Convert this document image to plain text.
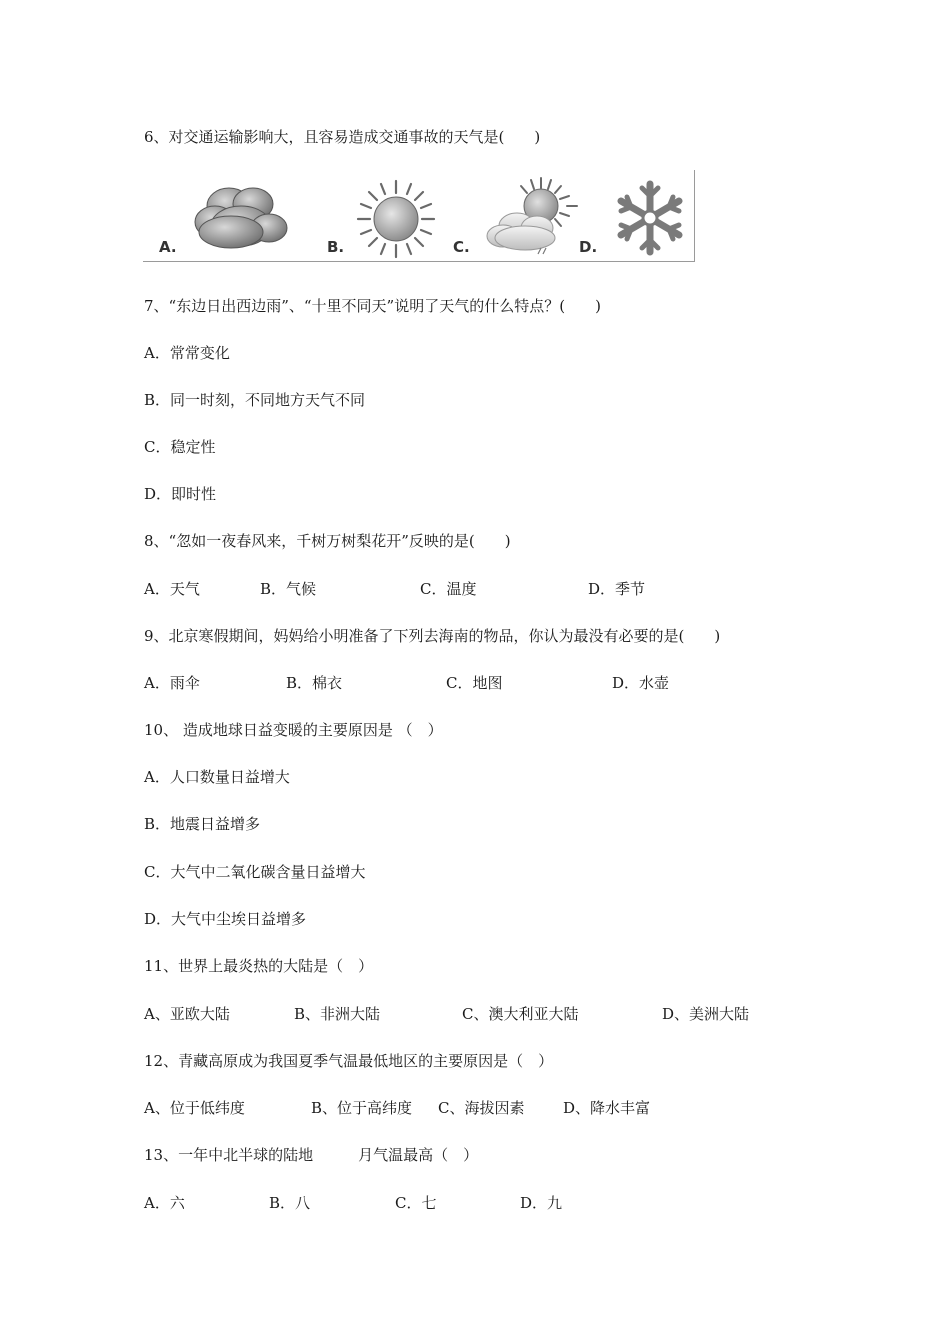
6、对交通运输影响大，且容易造成交通事故的天气是(　　)
A.	B.	C.	D.
7、“东边日出西边雨”、“十里不同天”说明了天气的什么特点？(　　)
A．常常变化
B．同一时刻，不同地方天气不同
C．稳定性
D．即时性
8、“忽如一夜春风来，千树万树梨花开”反映的是(　　)
A．天气	B．气候	C．温度	D．季节
9、北京寒假期间，妈妈给小明准备了下列去海南的物品，你认为最没有必要的是(　　)
A．雨伞	B．棉衣	C．地图	D．水壶
10、 造成地球日益变暖的主要原因是 （　）
A．人口数量日益增大
B．地震日益增多
C．大气中二氧化碳含量日益增大
D．大气中尘埃日益增多
11、世界上最炎热的大陆是（　）
A、亚欧大陆	B、非洲大陆	C、澳大利亚大陆	D、美洲大陆
12、青藏高原成为我国夏季气温最低地区的主要原因是（　）
A、位于低纬度	B、位于高纬度 C、海拔因素	D、降水丰富
13、一年中北半球的陆地　　　月气温最高（　）
A．六	B．八	C．七	D．九
